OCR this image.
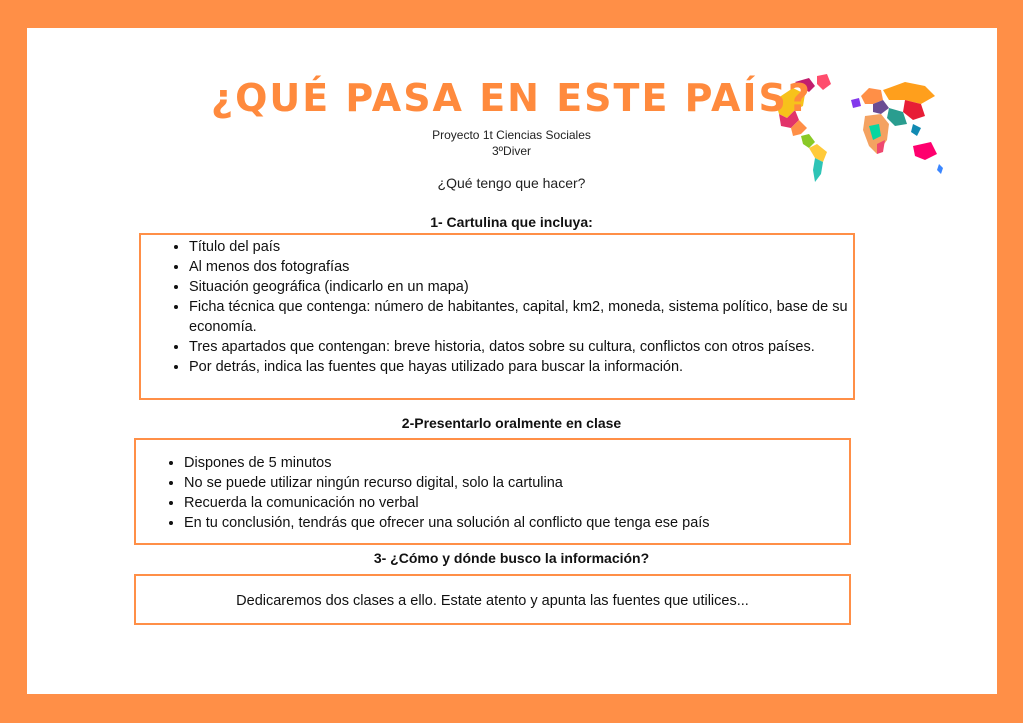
¿QUÉ PASA EN ESTE PAÍS?
Proyecto 1t Ciencias Sociales
3ºDiver
¿Qué tengo que hacer?
1- Cartulina que incluya:
• Título del país
• Al menos dos fotografías
• Situación geográfica (indicarlo en un mapa)
• Ficha técnica que contenga: número de habitantes, capital, km2, moneda, sistema político, base de su economía.
• Tres apartados que contengan: breve historia, datos sobre su cultura, conflictos con otros países.
• Por detrás, indica las fuentes que hayas utilizado para buscar la información.
2-Presentarlo oralmente en clase
• Dispones de 5 minutos
• No se puede utilizar ningún recurso digital, solo la cartulina
• Recuerda la comunicación no verbal
• En tu conclusión, tendrás que ofrecer una solución al conflicto que tenga ese país
3- ¿Cómo y dónde busco la información?

Dedicaremos dos clases a ello. Estate atento y apunta las fuentes que utilices...
